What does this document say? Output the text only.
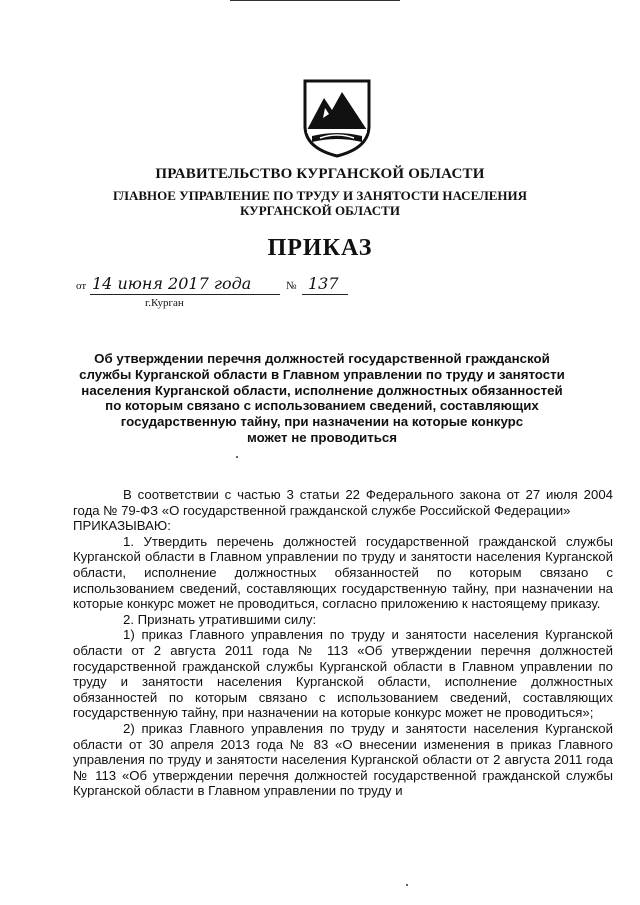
ПРАВИТЕЛЬСТВО КУРГАНСКОЙ ОБЛАСТИ
ГЛАВНОЕ УПРАВЛЕНИЕ ПО ТРУДУ И ЗАНЯТОСТИ НАСЕЛЕНИЯ
КУРГАНСКОЙ ОБЛАСТИ
ПРИКАЗ
от 14 июня 2017 года	№ 137
г.Курган
Об утверждении перечня должностей государственной гражданской
службы Курганской области в Главном управлении по труду и занятости
населения Курганской области, исполнение должностных обязанностей
по которым связано с использованием сведений, составляющих
государственную тайну, при назначении на которые конкурс
может не проводиться

В соответствии с частью 3 статьи 22 Федерального закона от 27 июля 2004 года № 79-ФЗ «О государственной гражданской службе Российской Федерации»

ПРИКАЗЫВАЮ:

1. Утвердить перечень должностей государственной гражданской службы Курганской области в Главном управлении по труду и занятости населения Курганской области, исполнение должностных обязанностей по которым связано с использованием сведений, составляющих государственную тайну, при назначении на которые конкурс может не проводиться, согласно приложению к настоящему приказу.

2. Признать утратившими силу:

1) приказ Главного управления по труду и занятости населения Курганской области от 2 августа 2011 года № 113 «Об утверждении перечня должностей государственной гражданской службы Курганской области в Главном управлении по труду и занятости населения Курганской области, исполнение должностных обязанностей по которым связано с использованием сведений, составляющих государственную тайну, при назначении на которые конкурс может не проводиться»;

2) приказ Главного управления по труду и занятости населения Курганской области от 30 апреля 2013 года № 83 «О внесении изменения в приказ Главного управления по труду и занятости населения Курганской области от 2 августа 2011 года № 113 «Об утверждении перечня должностей государственной гражданской службы Курганской области в Главном управлении по труду и
